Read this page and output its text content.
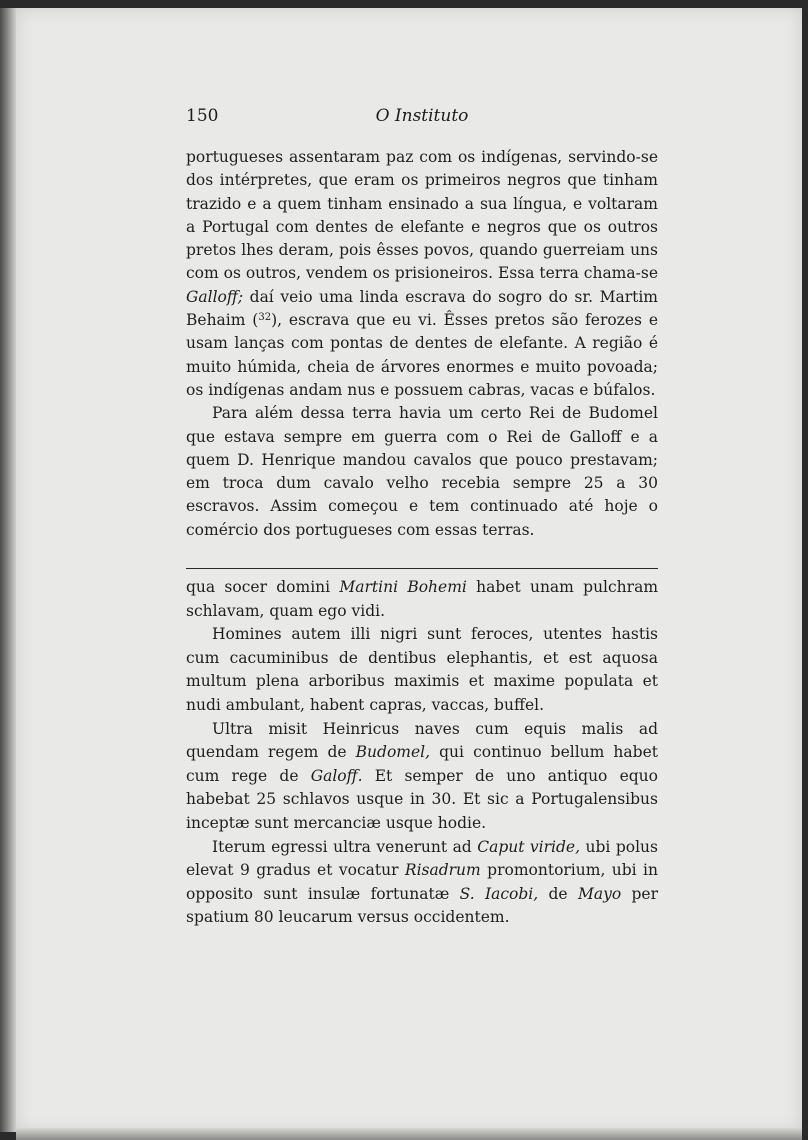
150	O Instituto

portugueses assentaram paz com os indígenas, servindo-se dos intérpretes, que eram os primeiros negros que tinham trazido e a quem tinham ensinado a sua língua, e voltaram a Portugal com dentes de elefante e negros que os outros pretos lhes deram, pois êsses povos, quando guerreiam uns com os outros, vendem os prisioneiros. Essa terra chama-se Galloff; daí veio uma linda escrava do sogro do sr. Martim Behaim ($^{32}$), escrava que eu vi. Êsses pretos são ferozes e usam lanças com pontas de dentes de elefante. A região é muito húmida, cheia de árvores enormes e muito povoada; os indígenas andam nus e possuem cabras, vacas e búfalos.

Para além dessa terra havia um certo Rei de Budomel que estava sempre em guerra com o Rei de Galloff e a quem D. Henrique mandou cavalos que pouco prestavam; em troca dum cavalo velho recebia sempre 25 a 30 escravos. Assim começou e tem continuado até hoje o comércio dos portugueses com essas terras.

qua socer domini Martini Bohemi habet unam pulchram schlavam, quam ego vidi.

Homines autem illi nigri sunt feroces, utentes hastis cum cacuminibus de dentibus elephantis, et est aquosa multum plena arboribus maximis et maxime populata et nudi ambulant, habent capras, vaccas, buffel.

Ultra misit Heinricus naves cum equis malis ad quendam regem de Budomel, qui continuo bellum habet cum rege de Galoff. Et semper de uno antiquo equo habebat 25 schlavos usque in 30. Et sic a Portugalensibus inceptæ sunt mercanciæ usque hodie.

Iterum egressi ultra venerunt ad Caput viride, ubi polus elevat 9 gradus et vocatur Risadrum promontorium, ubi in opposito sunt insulæ fortunatæ S. Iacobi, de Mayo per spatium 80 leucarum versus occidentem.
